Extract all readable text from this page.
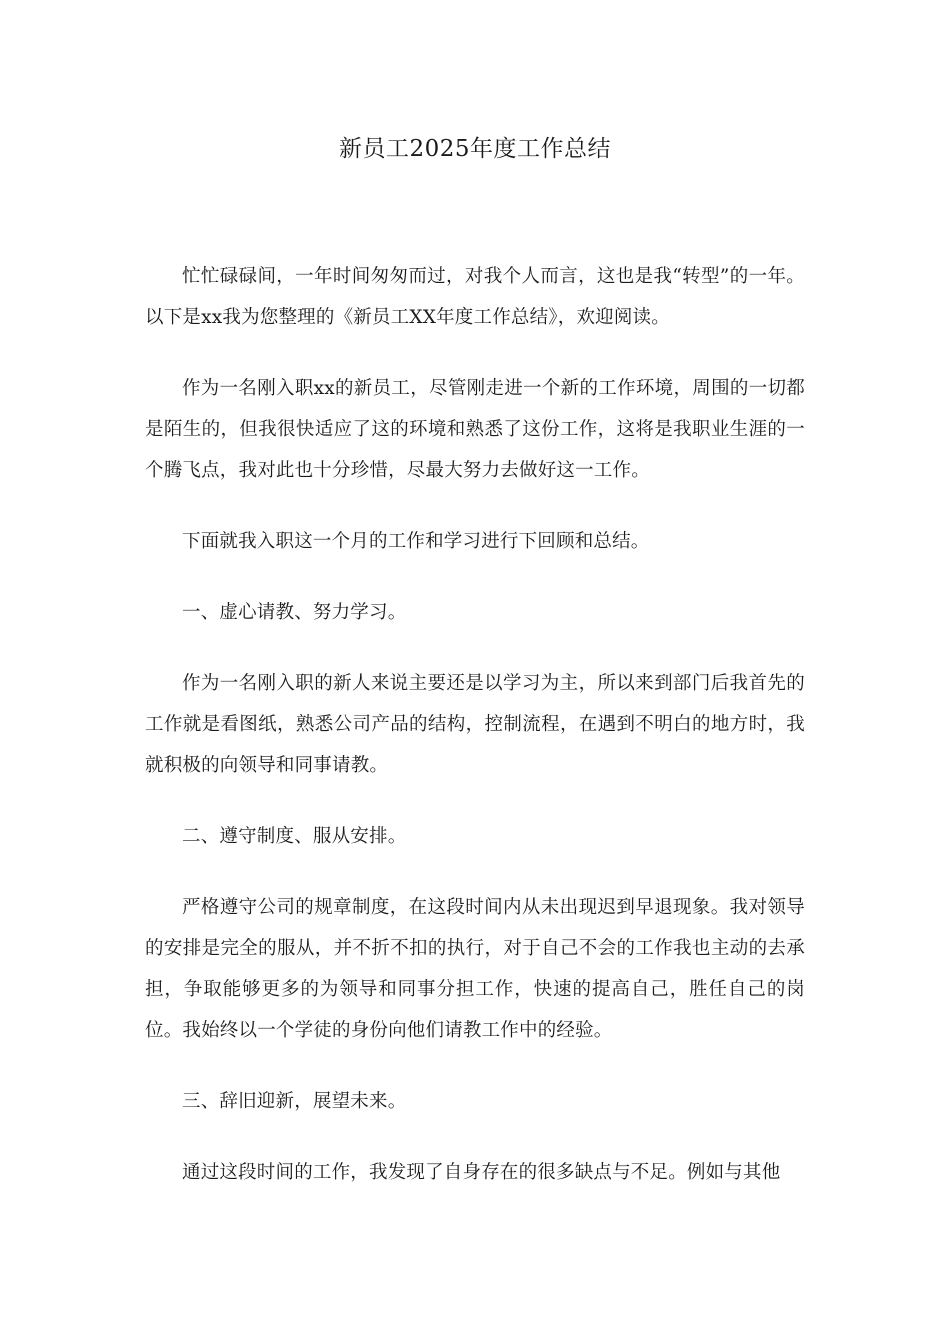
新员工2025年度工作总结

忙忙碌碌间，一年时间匆匆而过，对我个人而言，这也是我“转型”的一年。以下是xx我为您整理的《新员工XX年度工作总结》，欢迎阅读。

作为一名刚入职xx的新员工，尽管刚走进一个新的工作环境，周围的一切都是陌生的，但我很快适应了这的环境和熟悉了这份工作，这将是我职业生涯的一个腾飞点，我对此也十分珍惜，尽最大努力去做好这一工作。

下面就我入职这一个月的工作和学习进行下回顾和总结。

一、虚心请教、努力学习。

作为一名刚入职的新人来说主要还是以学习为主，所以来到部门后我首先的工作就是看图纸，熟悉公司产品的结构，控制流程，在遇到不明白的地方时，我就积极的向领导和同事请教。

二、遵守制度、服从安排。

严格遵守公司的规章制度，在这段时间内从未出现迟到早退现象。我对领导的安排是完全的服从，并不折不扣的执行，对于自己不会的工作我也主动的去承担，争取能够更多的为领导和同事分担工作，快速的提高自己，胜任自己的岗位。我始终以一个学徒的身份向他们请教工作中的经验。

三、辞旧迎新，展望未来。

通过这段时间的工作，我发现了自身存在的很多缺点与不足。例如与其他
